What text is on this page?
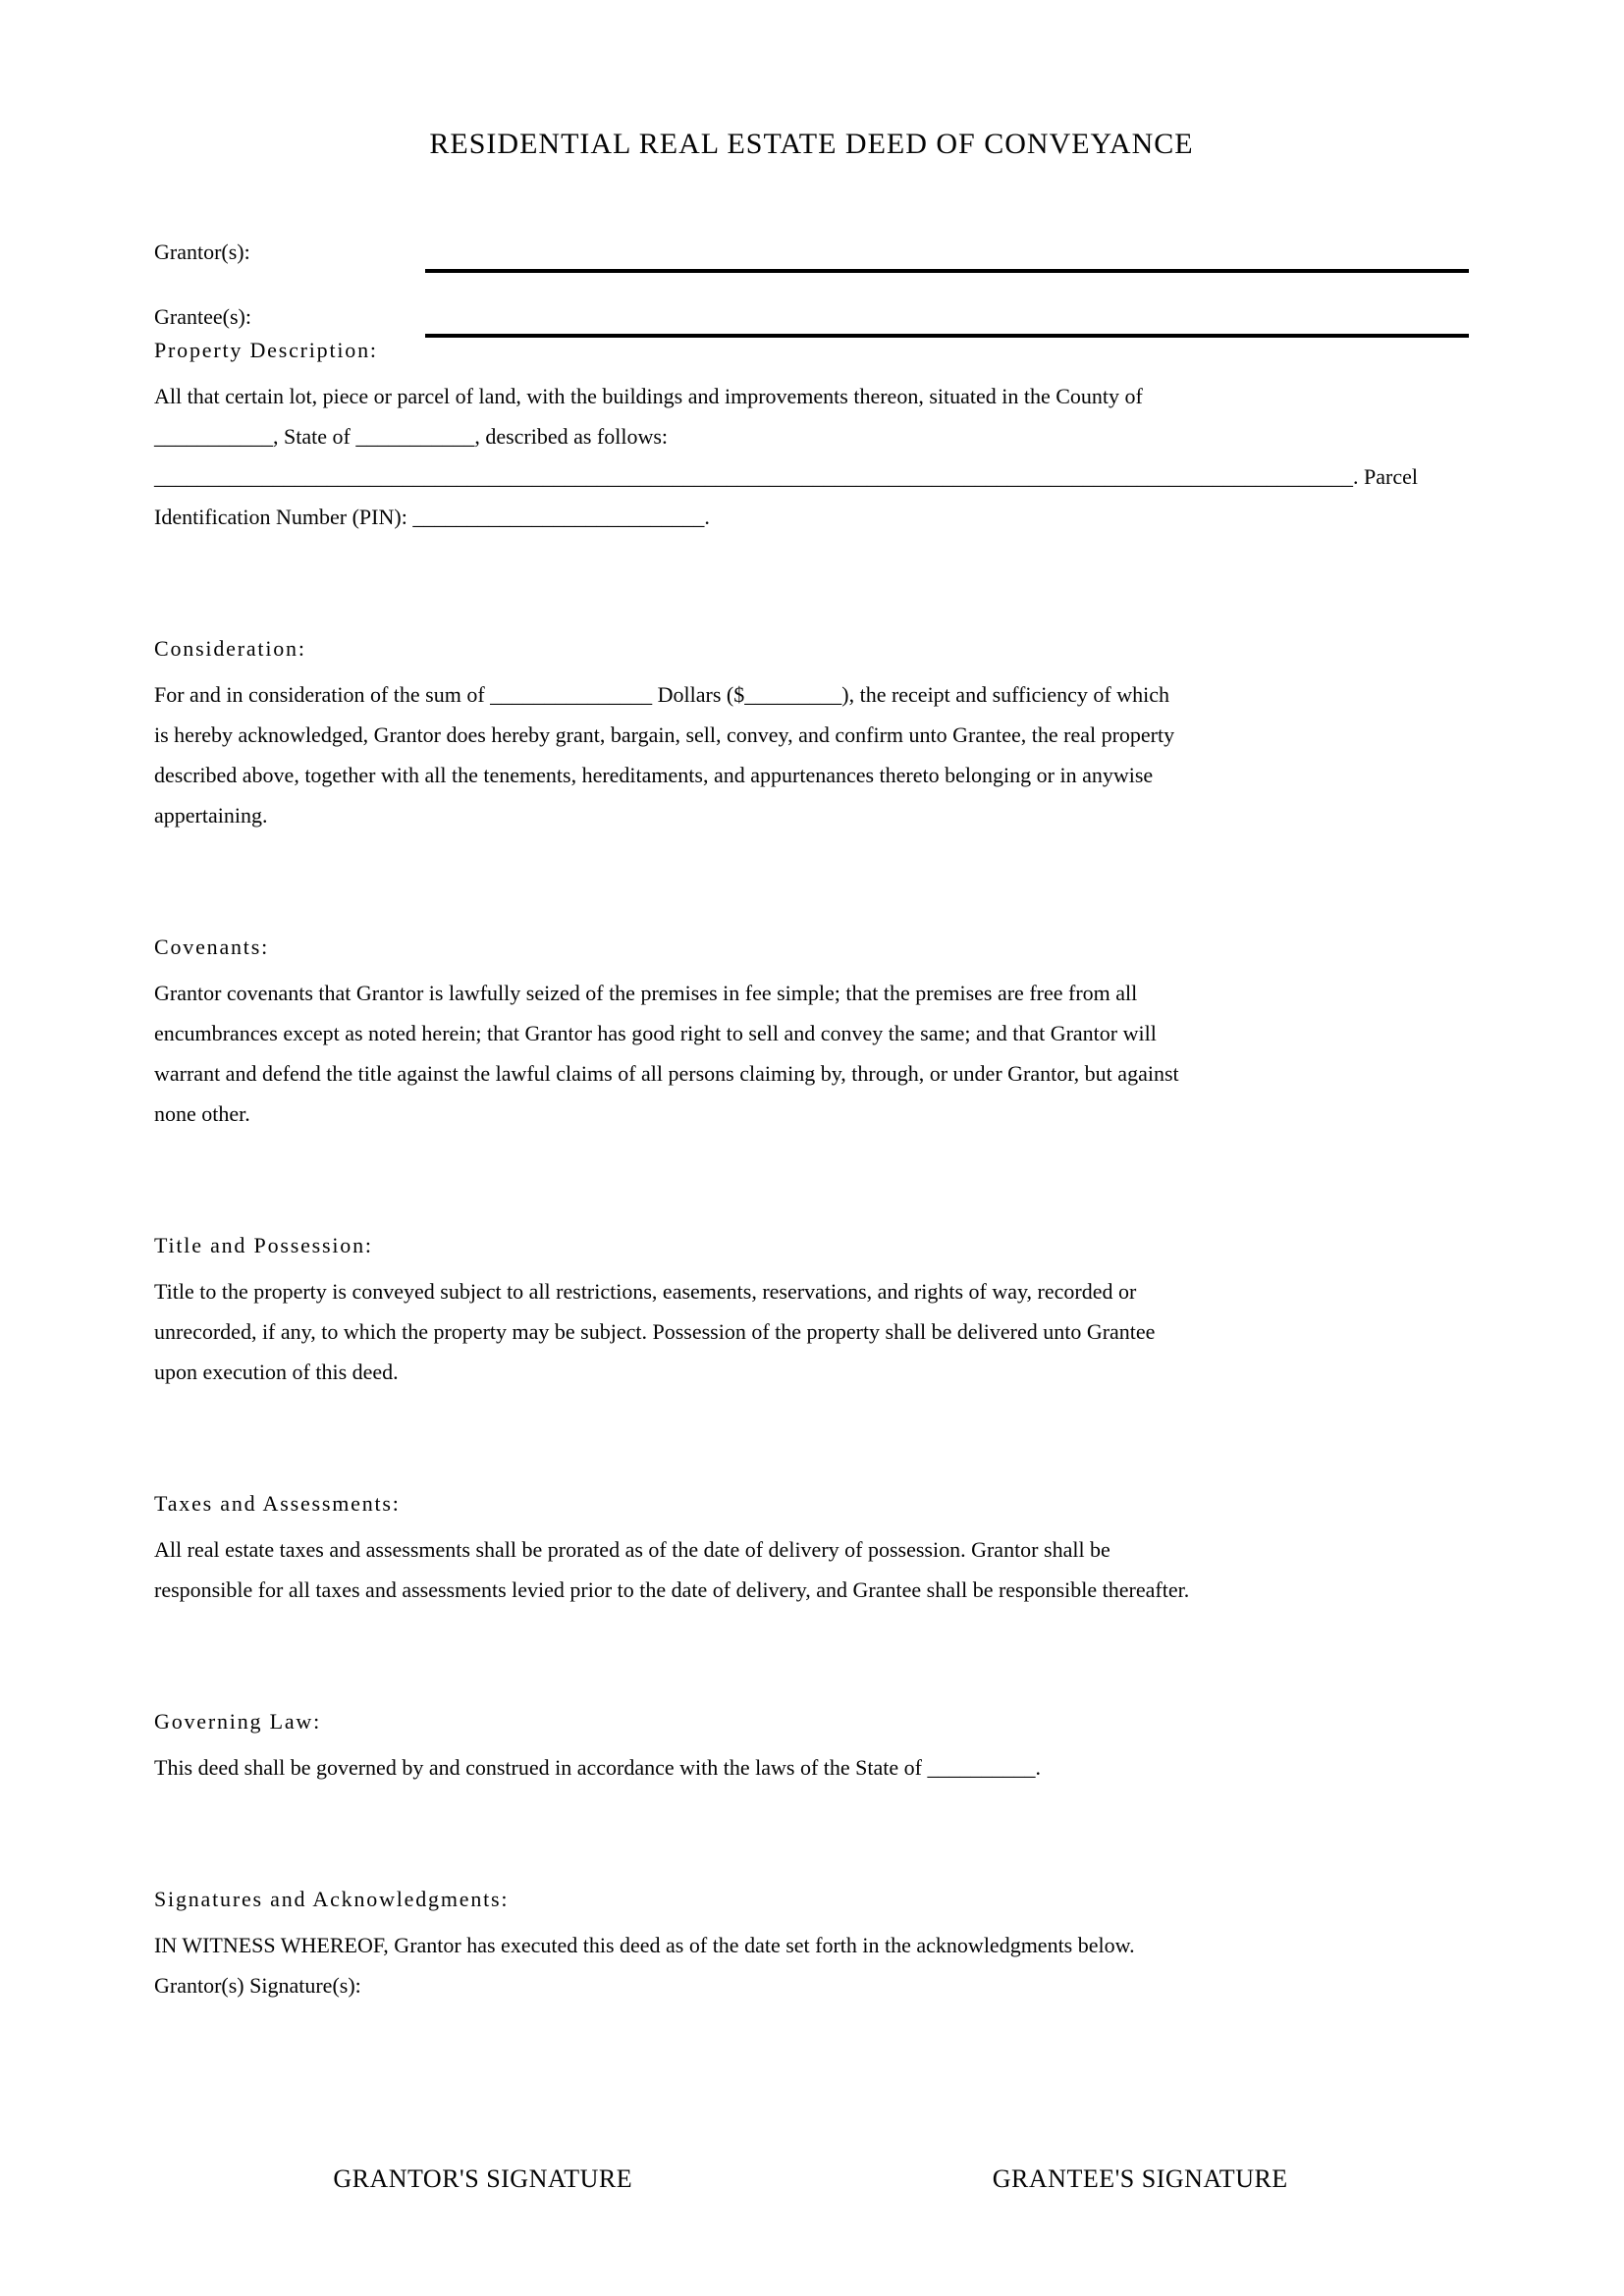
RESIDENTIAL REAL ESTATE DEED OF CONVEYANCE
Grantor(s):
Grantee(s):
Property Description:
All that certain lot, piece or parcel of land, with the buildings and improvements thereon, situated in the County of
___________, State of ___________, described as follows:
_______________________________________________________________________________________________________________. Parcel
Identification Number (PIN): ___________________________.
Consideration:
For and in consideration of the sum of _______________ Dollars ($_________), the receipt and sufficiency of which
is hereby acknowledged, Grantor does hereby grant, bargain, sell, convey, and confirm unto Grantee, the real property
described above, together with all the tenements, hereditaments, and appurtenances thereto belonging or in anywise
appertaining.
Covenants:
Grantor covenants that Grantor is lawfully seized of the premises in fee simple; that the premises are free from all
encumbrances except as noted herein; that Grantor has good right to sell and convey the same; and that Grantor will
warrant and defend the title against the lawful claims of all persons claiming by, through, or under Grantor, but against
none other.
Title and Possession:
Title to the property is conveyed subject to all restrictions, easements, reservations, and rights of way, recorded or
unrecorded, if any, to which the property may be subject. Possession of the property shall be delivered unto Grantee
upon execution of this deed.
Taxes and Assessments:
All real estate taxes and assessments shall be prorated as of the date of delivery of possession. Grantor shall be
responsible for all taxes and assessments levied prior to the date of delivery, and Grantee shall be responsible thereafter.
Governing Law:
This deed shall be governed by and construed in accordance with the laws of the State of __________.
Signatures and Acknowledgments:
IN WITNESS WHEREOF, Grantor has executed this deed as of the date set forth in the acknowledgments below.
Grantor(s) Signature(s):
GRANTOR'S SIGNATURE	GRANTEE'S SIGNATURE
